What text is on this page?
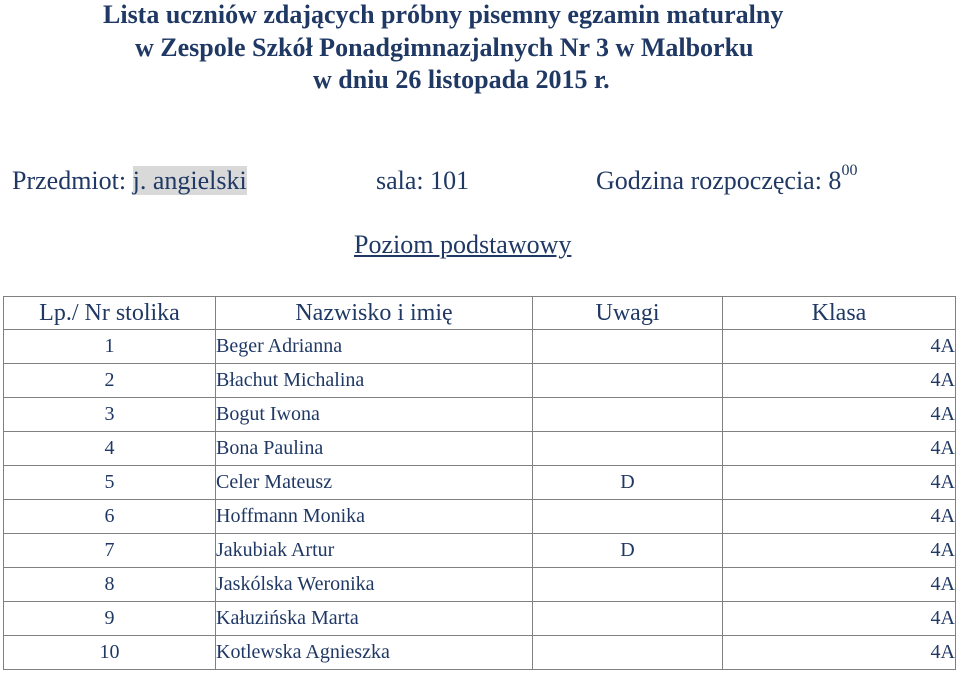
Lista uczniów zdających próbny pisemny egzamin maturalny
w Zespole Szkół Ponadgimnazjalnych Nr 3 w Malborku
w dniu 26 listopada 2015 r.
Przedmiot: j. angielski	sala: 101	Godzina rozpoczęcia: $8^{00}$
Poziom podstawowy
Lp./ Nr stolika	Nazwisko i imię	Uwagi	Klasa
1	Beger Adrianna		4A
2	Błachut Michalina		4A
3	Bogut Iwona		4A
4	Bona Paulina		4A
5	Celer Mateusz	D	4A
6	Hoffmann Monika		4A
7	Jakubiak Artur	D	4A
8	Jaskólska Weronika		4A
9	Kałuzińska Marta		4A
10	Kotlewska Agnieszka		4A
